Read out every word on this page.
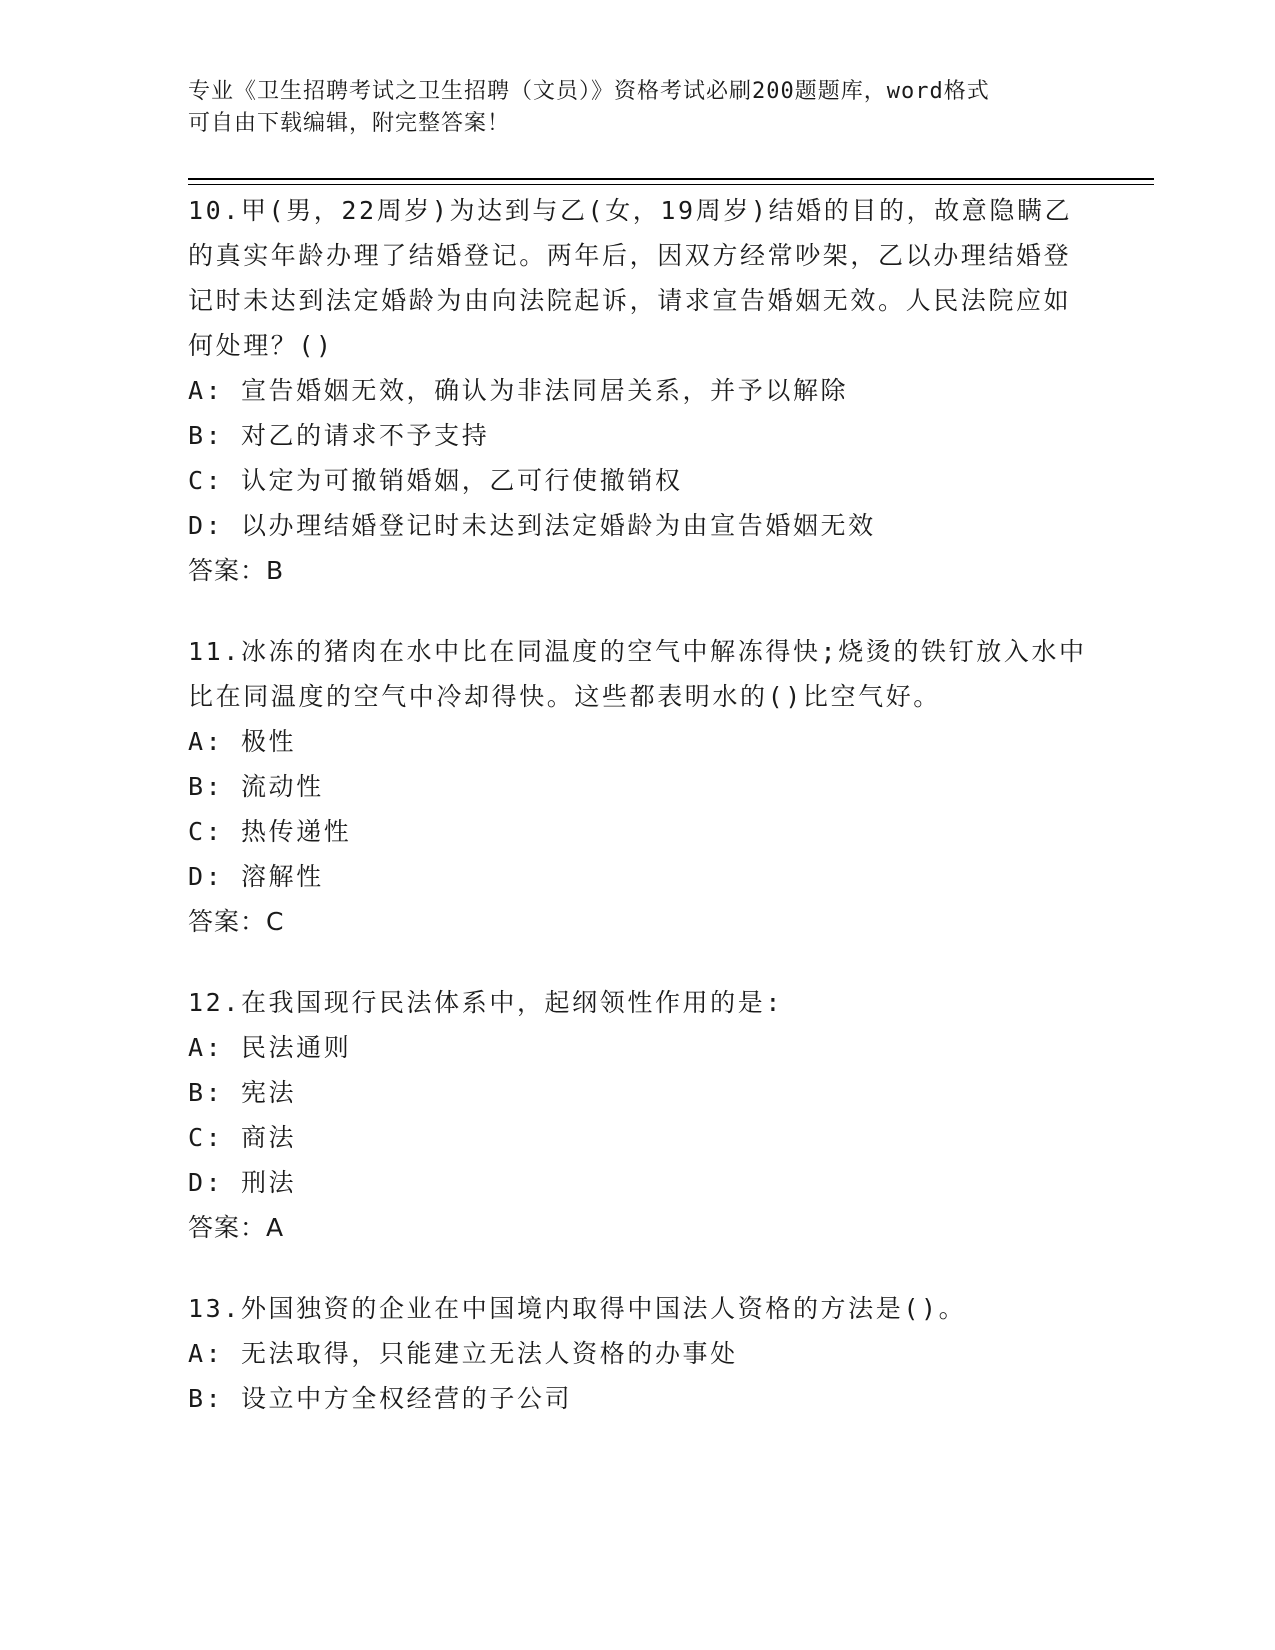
专业《卫生招聘考试之卫生招聘（文员）》资格考试必刷200题题库，word格式
可自由下载编辑，附完整答案！

10.甲(男，22周岁)为达到与乙(女，19周岁)结婚的目的，故意隐瞒乙的真实年龄办理了结婚登记。两年后，因双方经常吵架，乙以办理结婚登记时未达到法定婚龄为由向法院起诉，请求宣告婚姻无效。人民法院应如何处理？()

A: 宣告婚姻无效，确认为非法同居关系，并予以解除

B: 对乙的请求不予支持

C: 认定为可撤销婚姻，乙可行使撤销权

D: 以办理结婚登记时未达到法定婚龄为由宣告婚姻无效

答案：B

11.冰冻的猪肉在水中比在同温度的空气中解冻得快;烧烫的铁钉放入水中比在同温度的空气中冷却得快。这些都表明水的()比空气好。

A: 极性

B: 流动性

C: 热传递性

D: 溶解性

答案：C

12.在我国现行民法体系中，起纲领性作用的是:

A: 民法通则

B: 宪法

C: 商法

D: 刑法

答案：A

13.外国独资的企业在中国境内取得中国法人资格的方法是()。

A: 无法取得，只能建立无法人资格的办事处

B: 设立中方全权经营的子公司
